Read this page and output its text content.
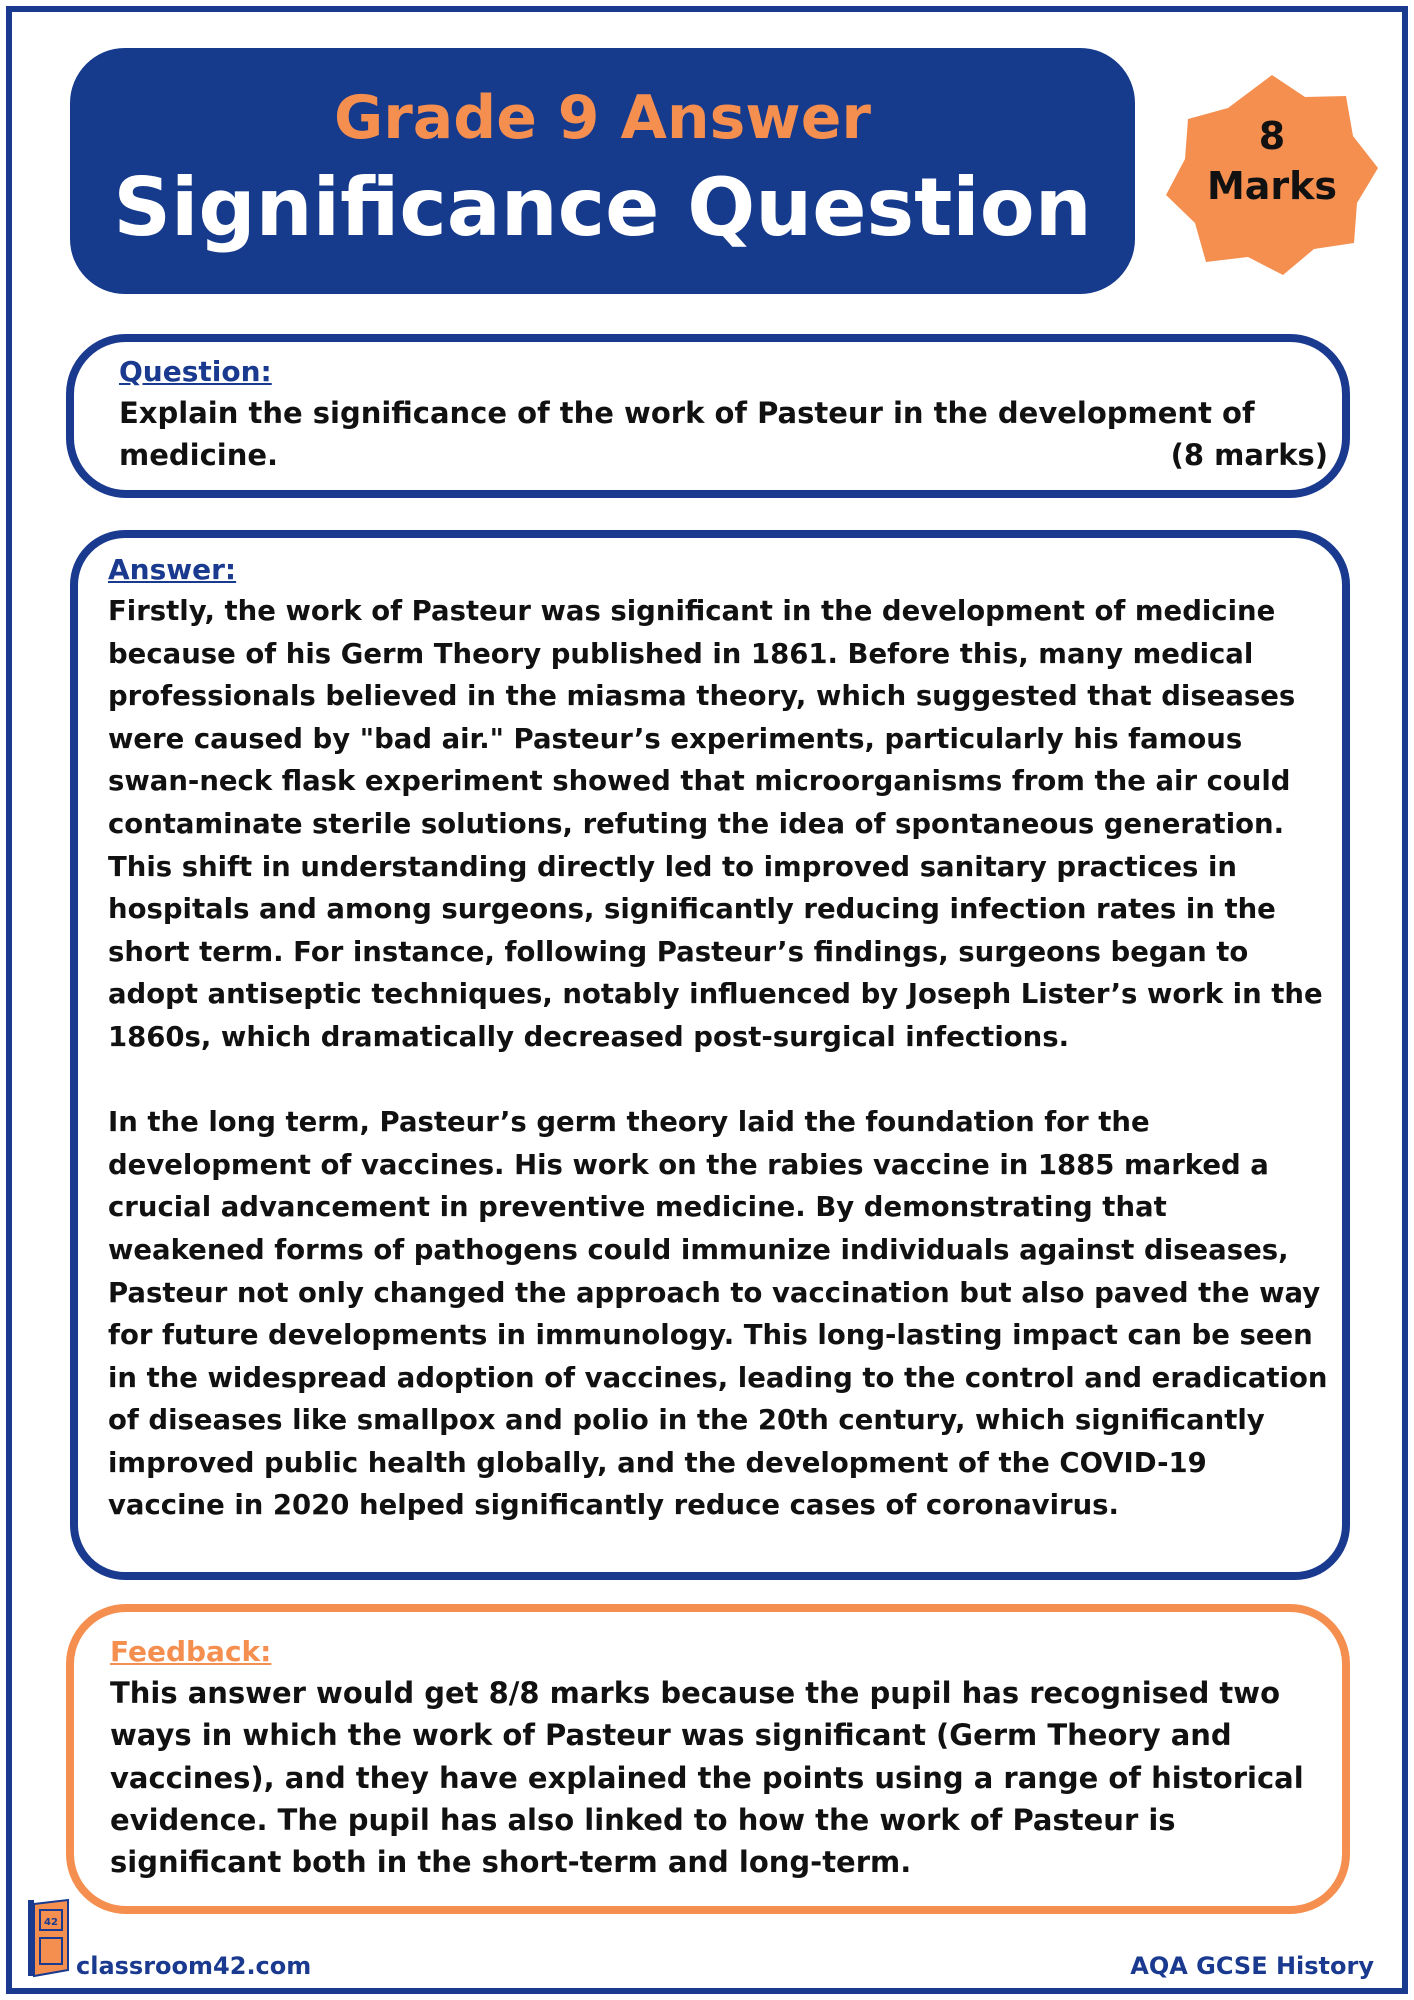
Grade 9 Answer
Significance Question
8
Marks
Question:
Explain the significance of the work of Pasteur in the development of medicine.	(8 marks)
Answer:

Firstly, the work of Pasteur was significant in the development of medicine because of his Germ Theory published in 1861. Before this, many medical professionals believed in the miasma theory, which suggested that diseases were caused by "bad air." Pasteur’s experiments, particularly his famous swan-neck flask experiment showed that microorganisms from the air could contaminate sterile solutions, refuting the idea of spontaneous generation. This shift in understanding directly led to improved sanitary practices in hospitals and among surgeons, significantly reducing infection rates in the short term. For instance, following Pasteur’s findings, surgeons began to adopt antiseptic techniques, notably influenced by Joseph Lister’s work in the 1860s, which dramatically decreased post-surgical infections.

In the long term, Pasteur’s germ theory laid the foundation for the development of vaccines. His work on the rabies vaccine in 1885 marked a crucial advancement in preventive medicine. By demonstrating that weakened forms of pathogens could immunize individuals against diseases, Pasteur not only changed the approach to vaccination but also paved the way for future developments in immunology. This long-lasting impact can be seen in the widespread adoption of vaccines, leading to the control and eradication of diseases like smallpox and polio in the 20th century, which significantly improved public health globally, and the development of the COVID-19 vaccine in 2020 helped significantly reduce cases of coronavirus.

Feedback:

This answer would get 8/8 marks because the pupil has recognised two ways in which the work of Pasteur was significant (Germ Theory and vaccines), and they have explained the points using a range of historical evidence. The pupil has also linked to how the work of Pasteur is significant both in the short-term and long-term.

42
classroom42.com	AQA GCSE History
